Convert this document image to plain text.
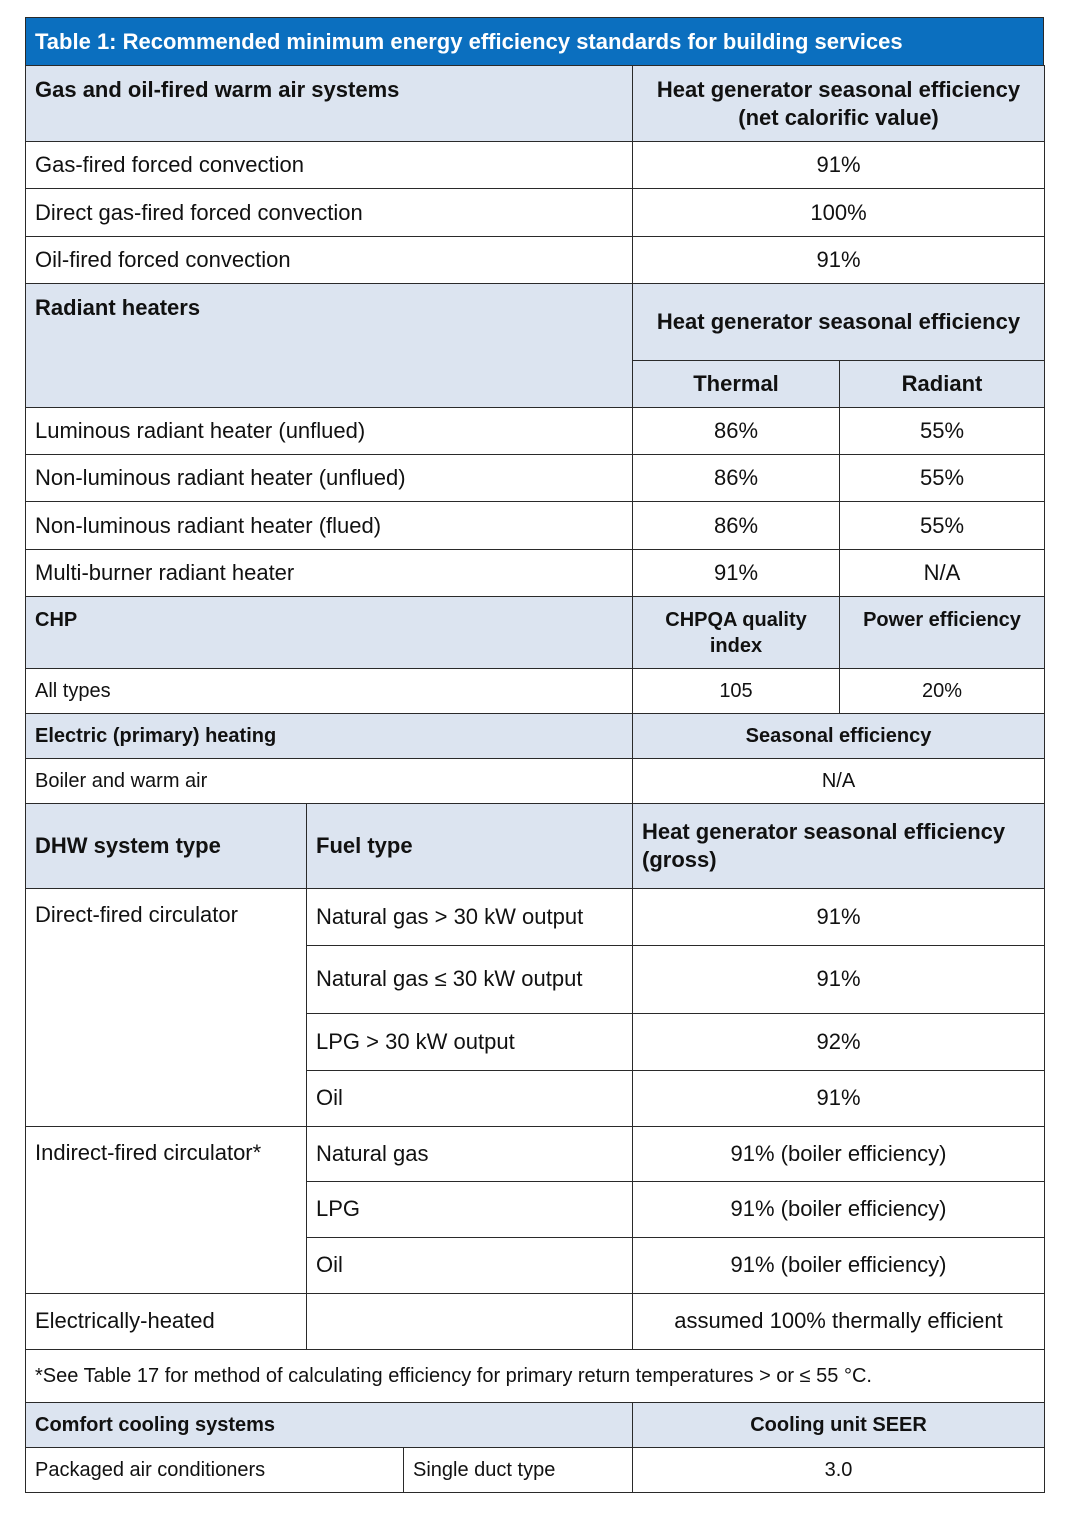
Table 1: Recommended minimum energy efficiency standards for building services
Gas and oil-fired warm air systems	Heat generator seasonal efficiency (net calorific value)	
Gas-fired forced convection	91%	
Direct gas-fired forced convection	100%	
Oil-fired forced convection	91%	
Radiant heaters	Heat generator seasonal efficiency	
	Thermal	Radiant
Luminous radiant heater (unflued)	86%	55%
Non-luminous radiant heater (unflued)	86%	55%
Non-luminous radiant heater (flued)	86%	55%
Multi-burner radiant heater	91%	N/A
CHP	CHPQA quality index	Power efficiency
All types	105	20%
Electric (primary) heating	Seasonal efficiency	
Boiler and warm air	N/A	
DHW system type	Fuel type	Heat generator seasonal efficiency (gross)
Direct-fired circulator	Natural gas > 30 kW output	91%
	Natural gas ≤ 30 kW output	91%
	LPG > 30 kW output	92%
	Oil	91%
Indirect-fired circulator*	Natural gas	91% (boiler efficiency)
	LPG	91% (boiler efficiency)
	Oil	91% (boiler efficiency)
Electrically-heated		assumed 100% thermally efficient
*See Table 17 for method of calculating efficiency for primary return temperatures > or ≤ 55 °C.		
Comfort cooling systems		Cooling unit SEER
Packaged air conditioners	Single duct type	3.0
